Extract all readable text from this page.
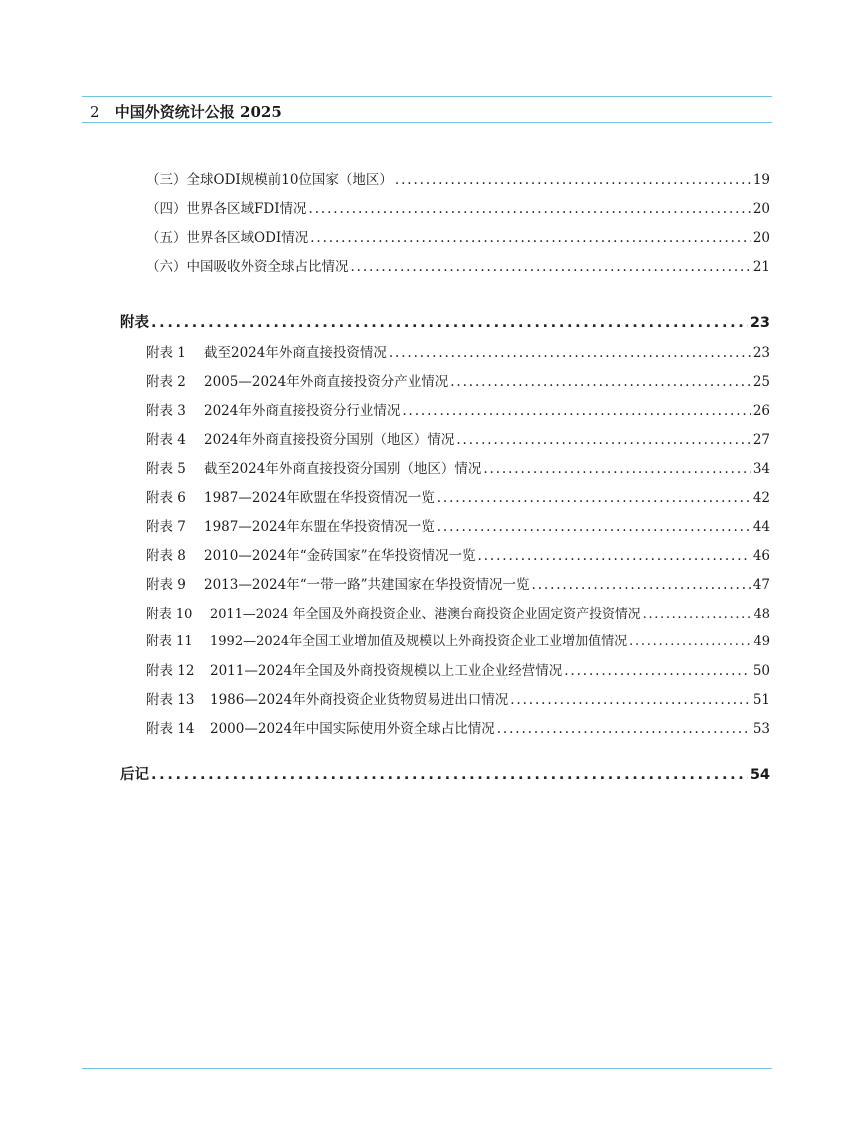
2 中国外资统计公报 2025
（三）全球ODI规模前10位国家（地区） . . .	19
（四）世界各区域FDI情况 . . .	20
（五）世界各区域ODI情况 . . .	20
（六）中国吸收外资全球占比情况 . . .	21
附表 . . .	23
附表 1 截至2024年外商直接投资情况 . . .	23
附表 2 2005—2024年外商直接投资分产业情况 . . .	25
附表 3 2024年外商直接投资分行业情况 . . .	26
附表 4 2024年外商直接投资分国别（地区）情况 . . .	27
附表 5 截至2024年外商直接投资分国别（地区）情况 . . .	34
附表 6 1987—2024年欧盟在华投资情况一览 . . .	42
附表 7 1987—2024年东盟在华投资情况一览 . . .	44
附表 8 2010—2024年“金砖国家”在华投资情况一览 . . .	46
附表 9 2013—2024年“一带一路”共建国家在华投资情况一览 . . .	47
附表 10 2011—2024 年全国及外商投资企业、港澳台商投资企业固定资产投资情况 . . .	48
附表 11 1992—2024年全国工业增加值及规模以上外商投资企业工业增加值情况 . . .	49
附表 12 2011—2024年全国及外商投资规模以上工业企业经营情况 . . .	50
附表 13 1986—2024年外商投资企业货物贸易进出口情况 . . .	51
附表 14 2000—2024年中国实际使用外资全球占比情况 . . .	53
后记 . . .	54
